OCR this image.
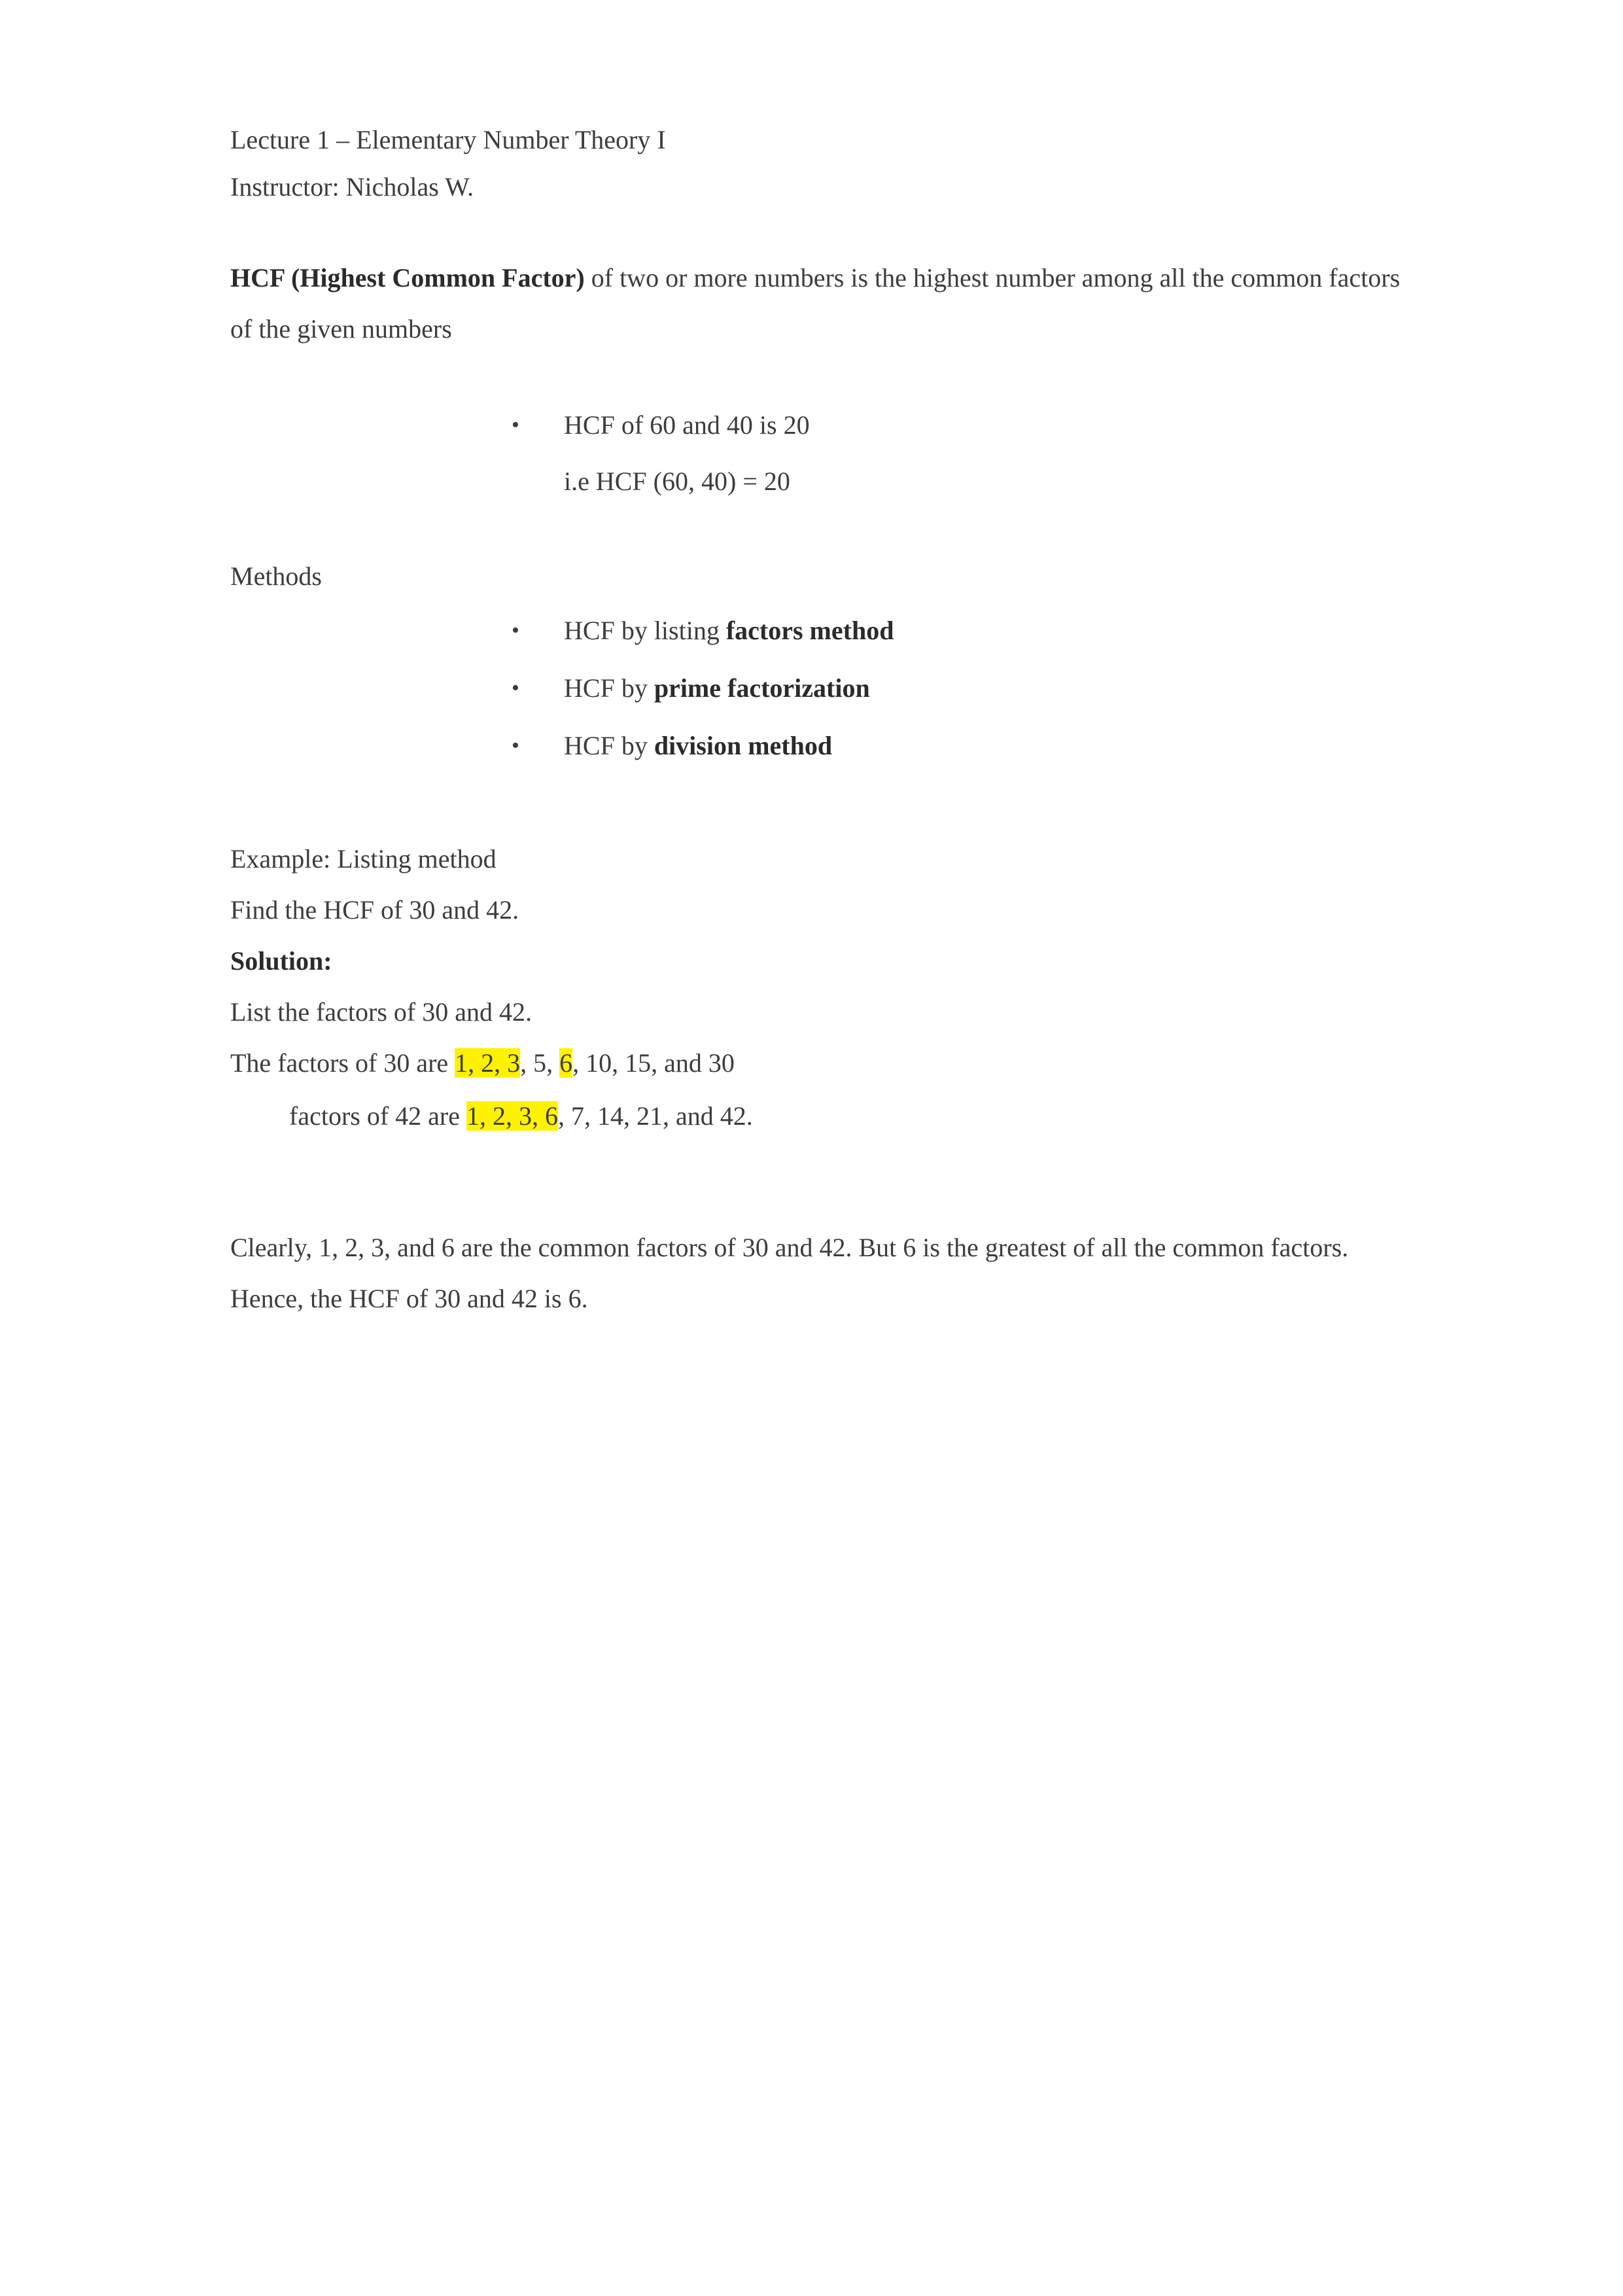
Lecture 1 – Elementary Number Theory I
Instructor: Nicholas W.
HCF (Highest Common Factor) of two or more numbers is the highest number among all the common factors of the given numbers
• HCF of 60 and 40 is 20
i.e HCF (60, 40) = 20
Methods
• HCF by listing factors method
• HCF by prime factorization
• HCF by division method
Example: Listing method
Find the HCF of 30 and 42.
Solution:
List the factors of 30 and 42.
The factors of 30 are 1, 2, 3, 5, 6, 10, 15, and 30
factors of 42 are 1, 2, 3, 6, 7, 14, 21, and 42.
Clearly, 1, 2, 3, and 6 are the common factors of 30 and 42. But 6 is the greatest of all the common factors. Hence, the HCF of 30 and 42 is 6.
